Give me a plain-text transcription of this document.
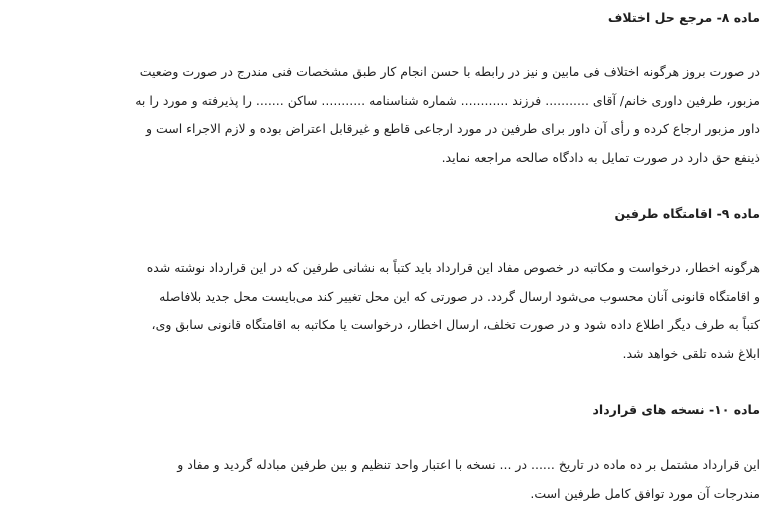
ماده ۸- مرجع حل اختلاف

در صورت بروز هرگونه اختلاف فی مابین و نیز در رابطه با حسن انجام کار طبق مشخصات فنی مندرج در صورت وضعیت
مزبور، طرفین داوری خانم/ آقای ........... فرزند ............ شماره شناسنامه ........... ساکن ....... را پذیرفته و مورد را به
داور مزبور ارجاع کرده و رأی آن داور برای طرفین در مورد ارجاعی قاطع و غیرقابل اعتراض بوده و لازم الاجراء است و
ذینفع حق دارد در صورت تمایل به دادگاه صالحه مراجعه نماید.

ماده ۹- اقامتگاه طرفین

هرگونه اخطار، درخواست و مکاتبه در خصوص مفاد این قرارداد باید کتباً به نشانی طرفین که در این قرارداد نوشته شده
و اقامتگاه قانونی آنان محسوب می‌شود ارسال گردد. در صورتی که این محل تغییر کند می‌بایست محل جدید بلافاصله
کتباً به طرف دیگر اطلاع داده شود و در صورت تخلف، ارسال اخطار، درخواست یا مکاتبه به اقامتگاه قانونی سابق وی،
ابلاغ شده تلقی خواهد شد.

ماده ۱۰- نسخه های قرارداد

این قرارداد مشتمل بر ده ماده در تاریخ ...... در ... نسخه با اعتبار واحد تنظیم و بین طرفین مبادله گردید و مفاد و
مندرجات آن مورد توافق کامل طرفین است.
